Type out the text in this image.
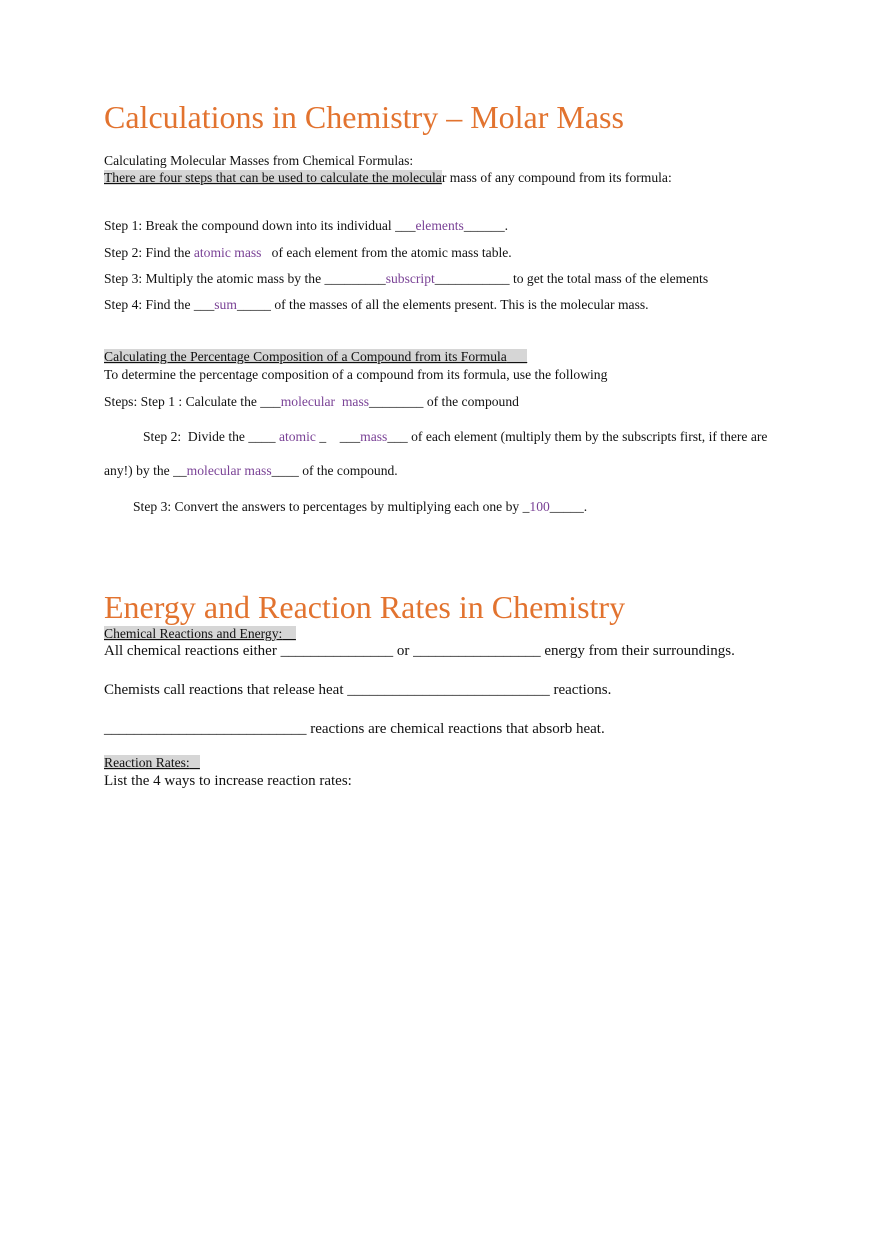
Calculations in Chemistry – Molar Mass
Calculating Molecular Masses from Chemical Formulas:
There are four steps that can be used to calculate the molecular mass of any compound from its formula:
Step 1: Break the compound down into its individual ___elements______.
Step 2: Find the atomic mass   of each element from the atomic mass table.
Step 3: Multiply the atomic mass by the _________subscript___________ to get the total mass of the elements
Step 4: Find the ___sum_____ of the masses of all the elements present. This is the molecular mass.
Calculating the Percentage Composition of a Compound from its Formula
To determine the percentage composition of a compound from its formula, use the following
Steps: Step 1 : Calculate the ___molecular  mass________ of the compound
Step 2:  Divide the ____ atomic _    ___mass___ of each element (multiply them by the subscripts first, if there are
any!) by the __molecular mass____ of the compound.
Step 3: Convert the answers to percentages by multiplying each one by _100_____.
Energy and Reaction Rates in Chemistry
Chemical Reactions and Energy:
All chemical reactions either _______________ or _________________ energy from their surroundings.
Chemists call reactions that release heat ___________________________ reactions.
___________________________ reactions are chemical reactions that absorb heat.
Reaction Rates:
List the 4 ways to increase reaction rates:
